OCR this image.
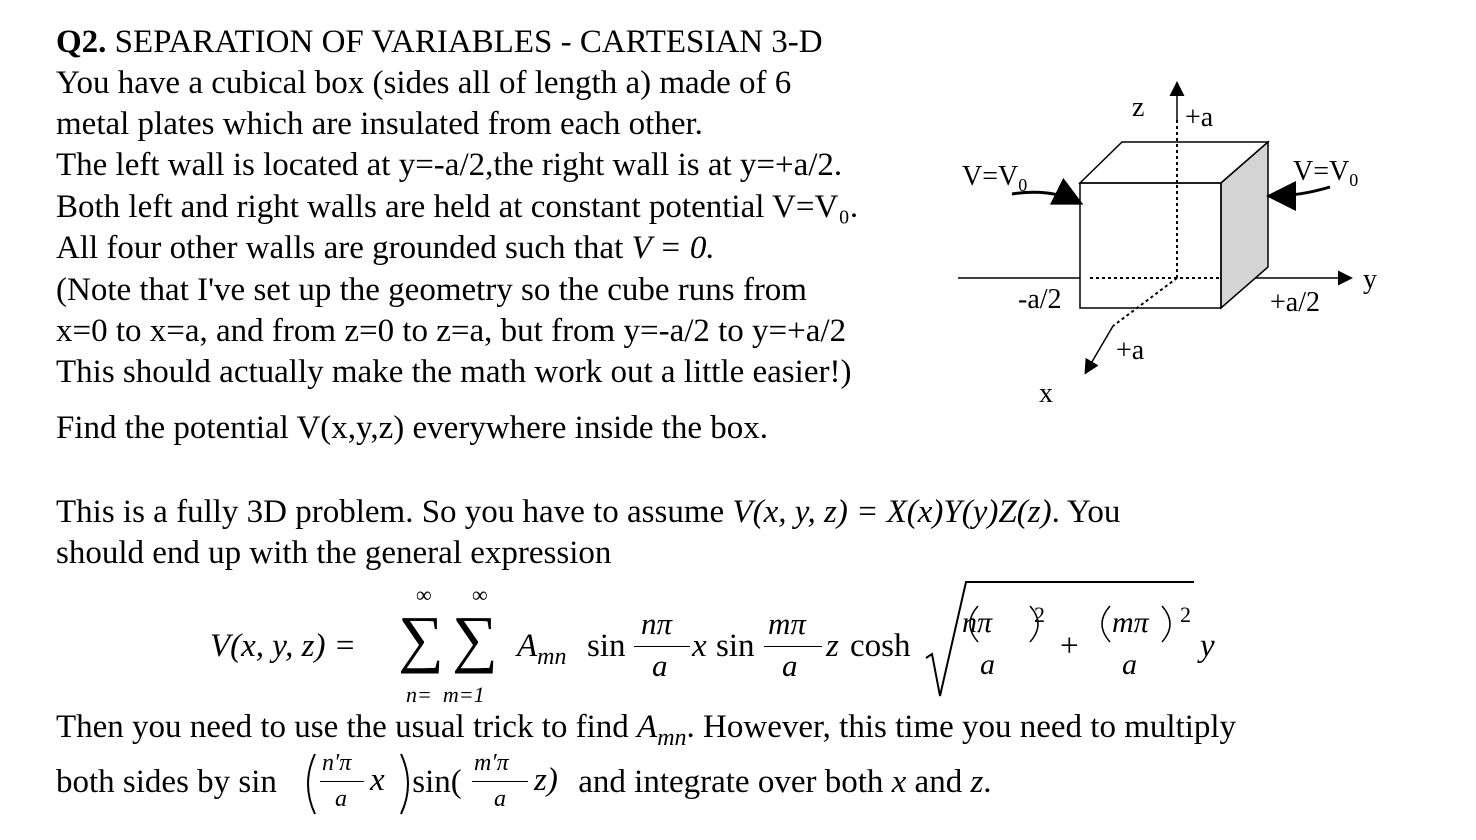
Q2. SEPARATION OF VARIABLES - CARTESIAN 3-D
You have a cubical box (sides all of length a) made of 6
metal plates which are insulated from each other.
The left wall is located at y=-a/2,the right wall is at y=+a/2.
Both left and right walls are held at constant potential V=V₀.
All four other walls are grounded such that V = 0.
(Note that I've set up the geometry so the cube runs from
x=0 to x=a, and from z=0 to z=a, but from y=-a/2 to y=+a/2
This should actually make the math work out a little easier!)
Find the potential V(x,y,z) everywhere inside the box.
z +a
$V=V_0$	$V=V_0$
-a/2	+a/2
y
+a
x
This is a fully 3D problem. So you have to assume V(x, y, z) = X(x)Y(y)Z(z). You
should end up with the general expression
V(x, y, z) =
∞ ∞
∑ ∑
n=  m=1
$A_{mn}$ sin
nπ
a
x sin
mπ
a
z cosh
nπ
a
2
+
mπ
a
2
y
Then you need to use the usual trick to find $A_{mn}$. However, this time you need to multiply
both sides by sin
n′π
a
x sin(
m′π
a
z) and integrate over both x and z.
